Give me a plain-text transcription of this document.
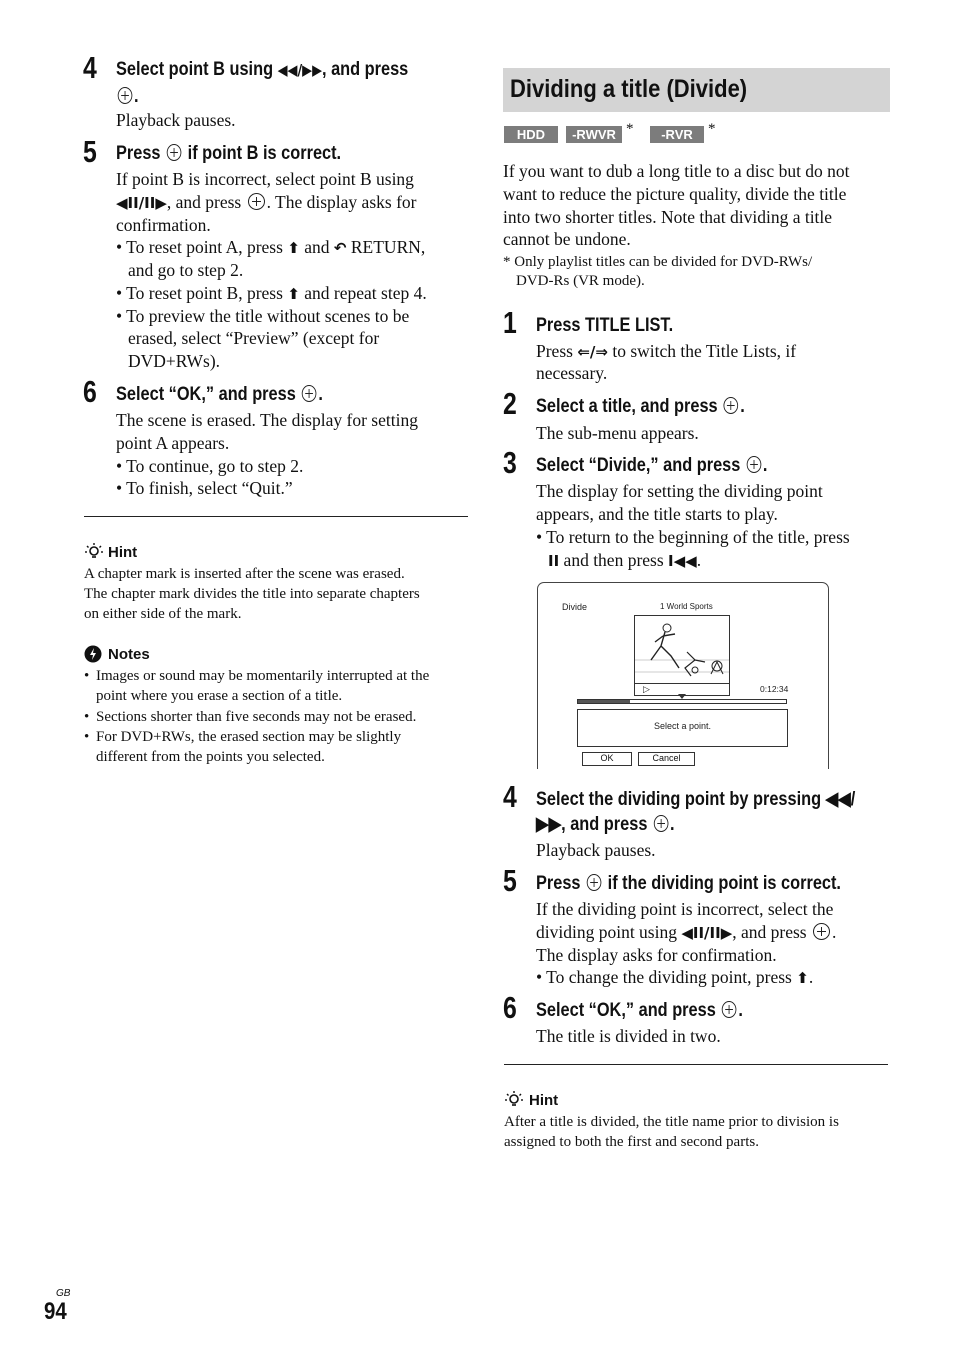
4 Select point B using ◀◀/▶▶, and press
.
Playback pauses.
5 Press  if point B is correct.
If point B is incorrect, select point B using
◀II/II▶, and press . The display asks for
confirmation.
• To reset point A, press ⬆ and ↶ RETURN,
and go to step 2.
• To reset point B, press ⬆ and repeat step 4.
• To preview the title without scenes to be
erased, select “Preview” (except for
DVD+RWs).
6 Select “OK,” and press .
The scene is erased. The display for setting
point A appears.
• To continue, go to step 2.
• To finish, select “Quit.”
Hint
A chapter mark is inserted after the scene was erased.
The chapter mark divides the title into separate chapters
on either side of the mark.
Notes
• Images or sound may be momentarily interrupted at the
point where you erase a section of a title.
• Sections shorter than five seconds may not be erased.
• For DVD+RWs, the erased section may be slightly
different from the points you selected.
Dividing a title (Divide)
HDD	-RWVR *	-RVR	*
If you want to dub a long title to a disc but do not
want to reduce the picture quality, divide the title
into two shorter titles. Note that dividing a title
cannot be undone.
* Only playlist titles can be divided for DVD-RWs/
DVD-Rs (VR mode).
1 Press TITLE LIST.
Press ⇐/⇒ to switch the Title Lists, if
necessary.
2 Select a title, and press .
The sub-menu appears.
3 Select “Divide,” and press .
The display for setting the dividing point
appears, and the title starts to play.
• To return to the beginning of the title, press
II and then press I◀◀.
Divide	1 World Sports
▷	0:12:34
Select a point.
OK	Cancel
4 Select the dividing point by pressing ◀◀/
▶▶, and press .
Playback pauses.
5 Press  if the dividing point is correct.
If the dividing point is incorrect, select the
dividing point using ◀II/II▶, and press .
The display asks for confirmation.
• To change the dividing point, press ⬆.
6 Select “OK,” and press .
The title is divided in two.
Hint
After a title is divided, the title name prior to division is
assigned to both the first and second parts.
GB
94
